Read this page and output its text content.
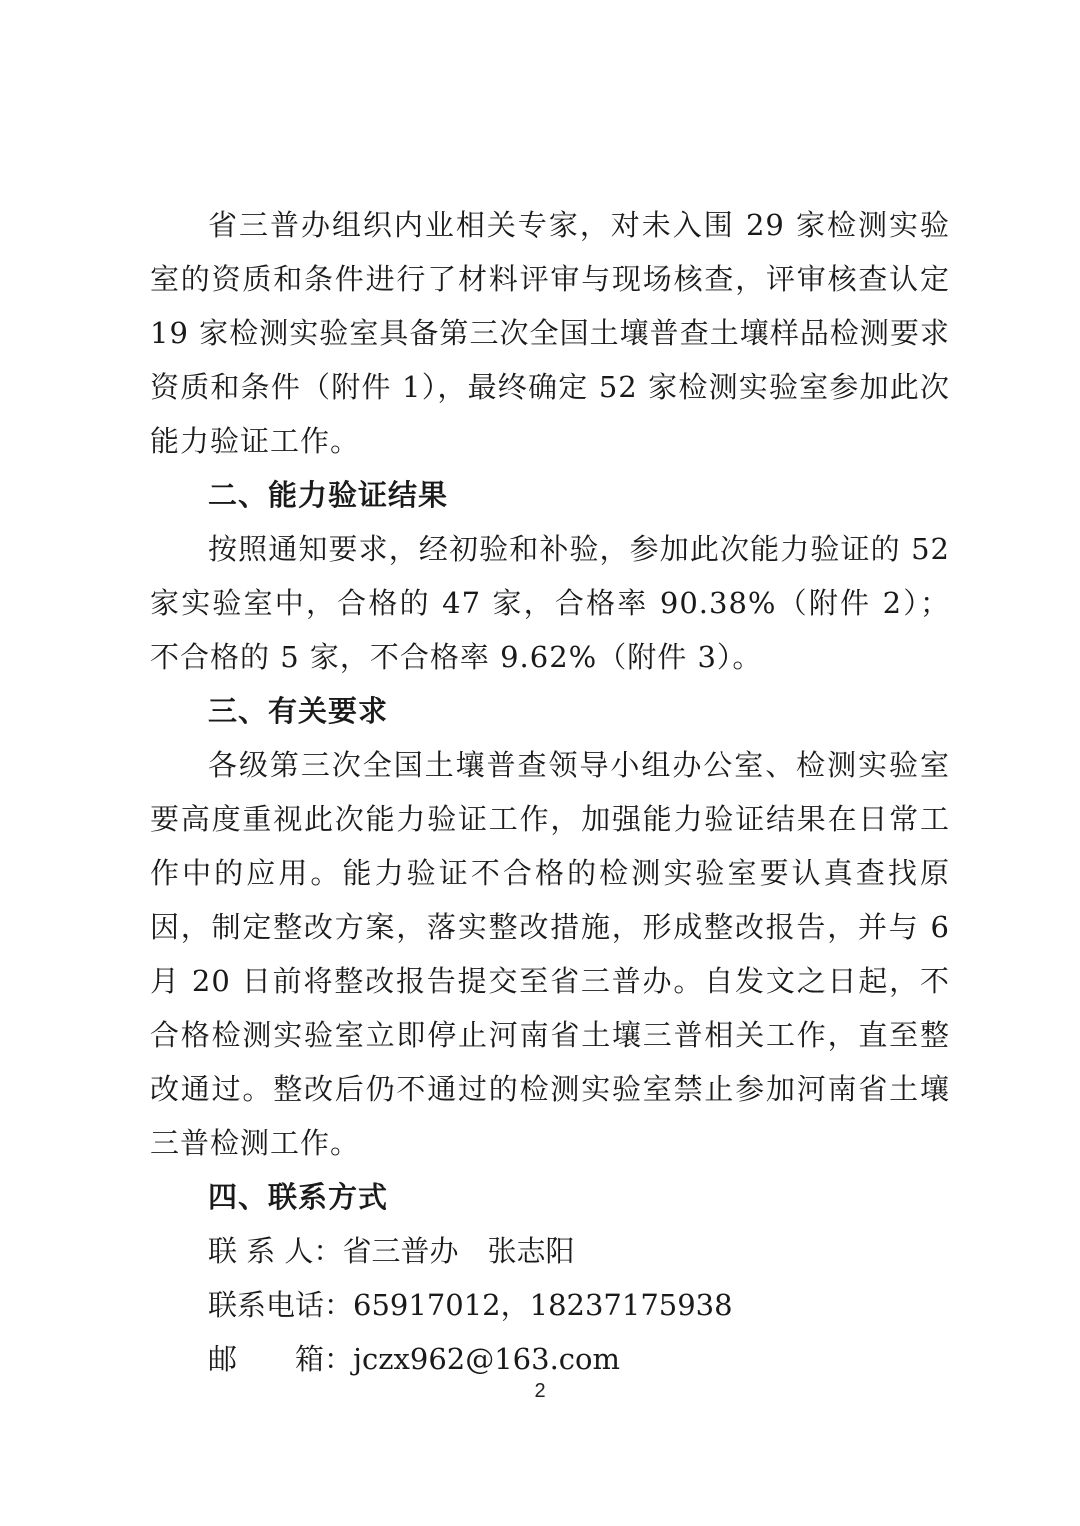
省三普办组织内业相关专家，对未入围 29 家检测实验室的资质和条件进行了材料评审与现场核查，评审核查认定 19 家检测实验室具备第三次全国土壤普查土壤样品检测要求资质和条件（附件 1），最终确定 52 家检测实验室参加此次能力验证工作。

二、能力验证结果

按照通知要求，经初验和补验，参加此次能力验证的 52 家实验室中，合格的 47 家，合格率 90.38%（附件 2）；不合格的 5 家，不合格率 9.62%（附件 3）。

三、有关要求

各级第三次全国土壤普查领导小组办公室、检测实验室要高度重视此次能力验证工作，加强能力验证结果在日常工作中的应用。能力验证不合格的检测实验室要认真查找原因，制定整改方案，落实整改措施，形成整改报告，并与 6 月 20 日前将整改报告提交至省三普办。自发文之日起，不合格检测实验室立即停止河南省土壤三普相关工作，直至整改通过。整改后仍不通过的检测实验室禁止参加河南省土壤三普检测工作。

四、联系方式

联 系 人：省三普办　张志阳

联系电话：65917012，18237175938

邮　　箱：jczx962@163.com

2
